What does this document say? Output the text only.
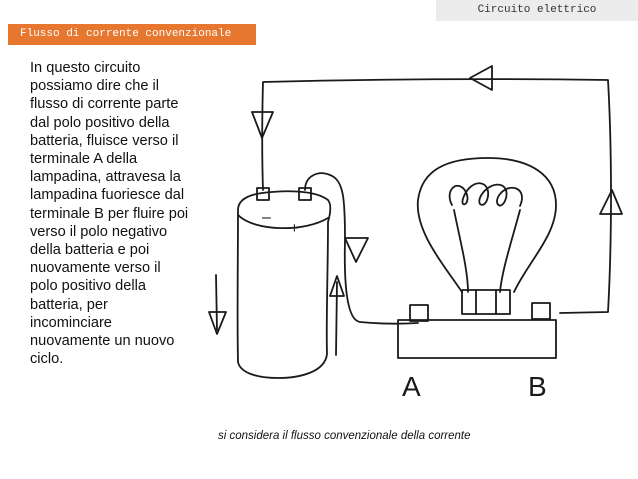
Circuito elettrico
Flusso di corrente convenzionale
In questo circuito
possiamo dire che il
flusso di corrente parte
dal polo positivo della
batteria, fluisce verso il
terminale A della
lampadina, attravesa la
lampadina fuoriesce dal
terminale B per fluire poi
verso il polo negativo
della batteria e poi
nuovamente verso il
polo positivo della
batteria, per
incominciare
nuovamente un nuovo
ciclo.
–
+
A	B
si considera il flusso convenzionale della corrente
